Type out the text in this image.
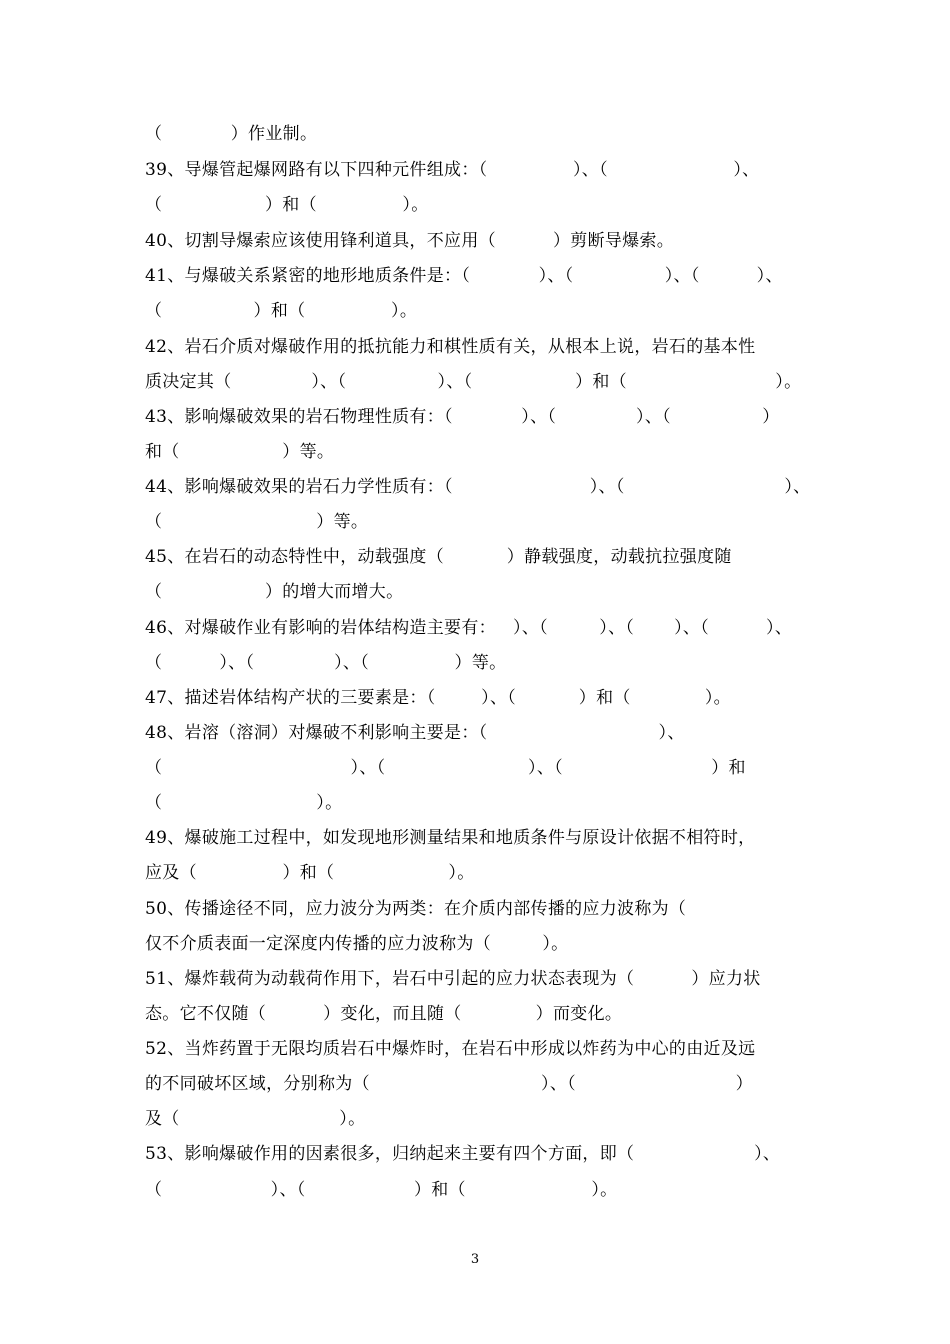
（            ）作业制。
39、导爆管起爆网路有以下四种元件组成：（               ）、（                      ）、
（                  ）和（               ）。
40、切割导爆索应该使用锋利道具，不应用（          ）剪断导爆索。
41、与爆破关系紧密的地形地质条件是：（            ）、（                ）、（          ）、
（                ）和（               ）。
42、岩石介质对爆破作用的抵抗能力和棋性质有关，从根本上说，岩石的基本性
质决定其（              ）、（                ）、（                  ）和（                          ）。
43、影响爆破效果的岩石物理性质有：（            ）、（              ）、（                ）
和（                  ）等。
44、影响爆破效果的岩石力学性质有：（                        ）、（                            ）、
（                           ）等。
45、在岩石的动态特性中，动载强度（           ）静载强度，动载抗拉强度随
（                  ）的增大而增大。
46、对爆破作业有影响的岩体结构造主要有：   ）、（         ）、（       ）、（          ）、
（          ）、（              ）、（               ）等。
47、描述岩体结构产状的三要素是：（        ）、（           ）和（             ）。
48、岩溶（溶洞）对爆破不利影响主要是：（                              ）、
（                                 ）、（                         ）、（                          ）和
（                           ）。
49、爆破施工过程中，如发现地形测量结果和地质条件与原设计依据不相符时，
应及（               ）和（                    ）。
50、传播途径不同，应力波分为两类：在介质内部传播的应力波称为（
仅不介质表面一定深度内传播的应力波称为（         ）。
51、爆炸载荷为动载荷作用下，岩石中引起的应力状态表现为（          ）应力状
态。它不仅随（          ）变化，而且随（             ）而变化。
52、当炸药置于无限均质岩石中爆炸时，在岩石中形成以炸药为中心的由近及远
的不同破坏区域，分别称为（                              ）、（                            ）
及（                            ）。
53、影响爆破作用的因素很多，归纳起来主要有四个方面，即（                     ）、
（                   ）、（                   ）和（                      ）。
3
